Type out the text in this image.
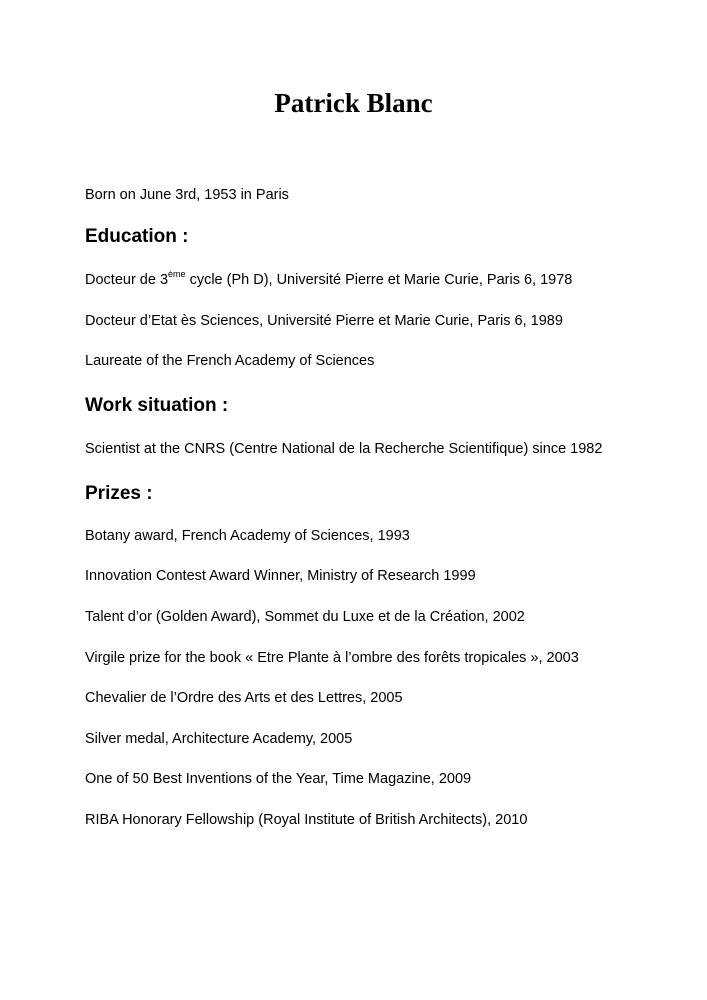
Patrick Blanc

Born on June 3rd, 1953 in Paris

Education :

Docteur de 3ème cycle (Ph D), Université Pierre et Marie Curie, Paris 6, 1978

Docteur d’Etat ès Sciences, Université Pierre et Marie Curie, Paris 6, 1989

Laureate of the French Academy of Sciences

Work situation :

Scientist at the CNRS (Centre National de la Recherche Scientifique) since 1982

Prizes :

Botany award, French Academy of Sciences, 1993

Innovation Contest Award Winner, Ministry of Research 1999

Talent d’or (Golden Award), Sommet du Luxe et de la Création, 2002

Virgile prize for the book « Etre Plante à l’ombre des forêts tropicales », 2003

Chevalier de l’Ordre des Arts et des Lettres, 2005

Silver medal, Architecture Academy, 2005

One of 50 Best Inventions of the Year, Time Magazine, 2009

RIBA Honorary Fellowship (Royal Institute of British Architects), 2010
